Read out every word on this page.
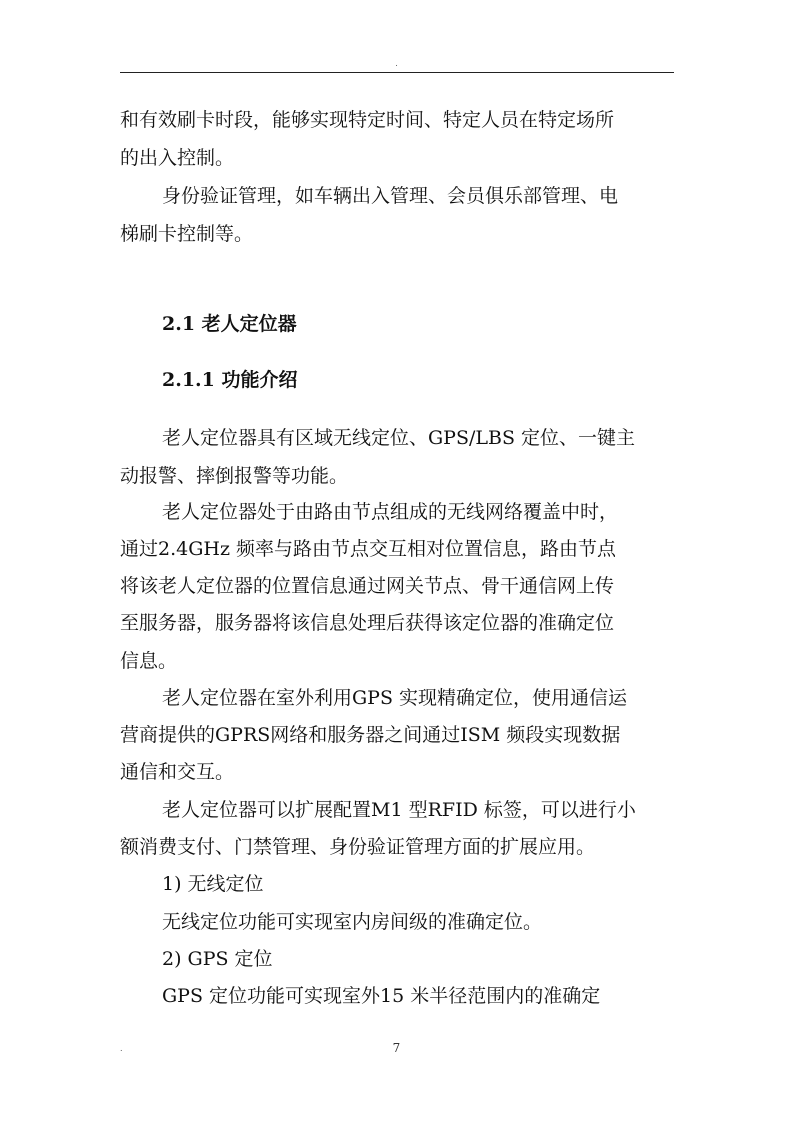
.
和有效刷卡时段，能够实现特定时间、特定人员在特定场所
的出入控制。
身份验证管理，如车辆出入管理、会员俱乐部管理、电
梯刷卡控制等。
2.1 老人定位器
2.1.1 功能介绍
老人定位器具有区域无线定位、GPS/LBS 定位、一键主
动报警、摔倒报警等功能。
老人定位器处于由路由节点组成的无线网络覆盖中时，
通过2.4GHz 频率与路由节点交互相对位置信息，路由节点
将该老人定位器的位置信息通过网关节点、骨干通信网上传
至服务器，服务器将该信息处理后获得该定位器的准确定位
信息。
老人定位器在室外利用GPS 实现精确定位，使用通信运
营商提供的GPRS网络和服务器之间通过ISM 频段实现数据
通信和交互。
老人定位器可以扩展配置M1 型RFID 标签，可以进行小
额消费支付、门禁管理、身份验证管理方面的扩展应用。
1) 无线定位
无线定位功能可实现室内房间级的准确定位。
2) GPS 定位
GPS 定位功能可实现室外15 米半径范围内的准确定
.	7
